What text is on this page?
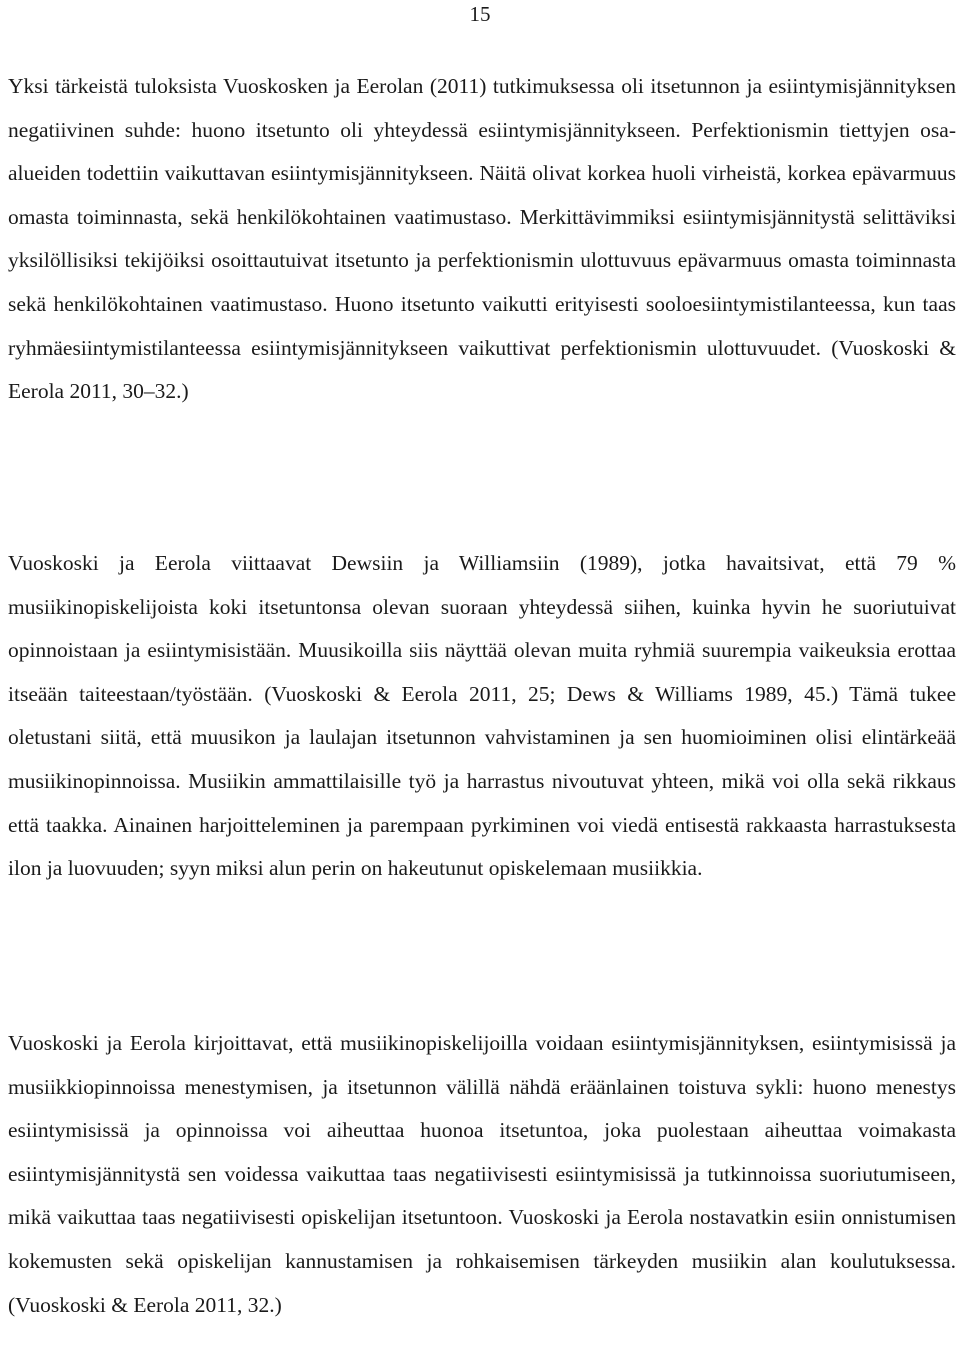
15

Yksi tärkeistä tuloksista Vuoskosken ja Eerolan (2011) tutkimuksessa oli itsetunnon ja esiintymisjännityksen negatiivinen suhde: huono itsetunto oli yhteydessä esiintymisjännitykseen. Perfektionismin tiettyjen osa-alueiden todettiin vaikuttavan esiintymisjännitykseen. Näitä olivat korkea huoli virheistä, korkea epävarmuus omasta toiminnasta, sekä henkilökohtainen vaatimustaso. Merkittävimmiksi esiintymisjännitystä selittäviksi yksilöllisiksi tekijöiksi osoittautuivat itsetunto ja perfektionismin ulottuvuus epävarmuus omasta toiminnasta sekä henkilökohtainen vaatimustaso. Huono itsetunto vaikutti erityisesti sooloesiintymistilanteessa, kun taas ryhmäesiintymistilanteessa esiintymisjännitykseen vaikuttivat perfektionismin ulottuvuudet. (Vuoskoski & Eerola 2011, 30–32.)

Vuoskoski ja Eerola viittaavat Dewsiin ja Williamsiin (1989), jotka havaitsivat, että 79 % musiikinopiskelijoista koki itsetuntonsa olevan suoraan yhteydessä siihen, kuinka hyvin he suoriutuivat opinnoistaan ja esiintymisistään. Muusikoilla siis näyttää olevan muita ryhmiä suurempia vaikeuksia erottaa itseään taiteestaan/työstään. (Vuoskoski & Eerola 2011, 25; Dews & Williams 1989, 45.) Tämä tukee oletustani siitä, että muusikon ja laulajan itsetunnon vahvistaminen ja sen huomioiminen olisi elintärkeää musiikinopinnoissa. Musiikin ammattilaisille työ ja harrastus nivoutuvat yhteen, mikä voi olla sekä rikkaus että taakka. Ainainen harjoitteleminen ja parempaan pyrkiminen voi viedä entisestä rakkaasta harrastuksesta ilon ja luovuuden; syyn miksi alun perin on hakeutunut opiskelemaan musiikkia.

Vuoskoski ja Eerola kirjoittavat, että musiikinopiskelijoilla voidaan esiintymisjännityksen, esiintymisissä ja musiikkiopinnoissa menestymisen, ja itsetunnon välillä nähdä eräänlainen toistuva sykli: huono menestys esiintymisissä ja opinnoissa voi aiheuttaa huonoa itsetuntoa, joka puolestaan aiheuttaa voimakasta esiintymisjännitystä sen voidessa vaikuttaa taas negatiivisesti esiintymisissä ja tutkinnoissa suoriutumiseen, mikä vaikuttaa taas negatiivisesti opiskelijan itsetuntoon. Vuoskoski ja Eerola nostavatkin esiin onnistumisen kokemusten sekä opiskelijan kannustamisen ja rohkaisemisen tärkeyden musiikin alan koulutuksessa. (Vuoskoski & Eerola 2011, 32.)
